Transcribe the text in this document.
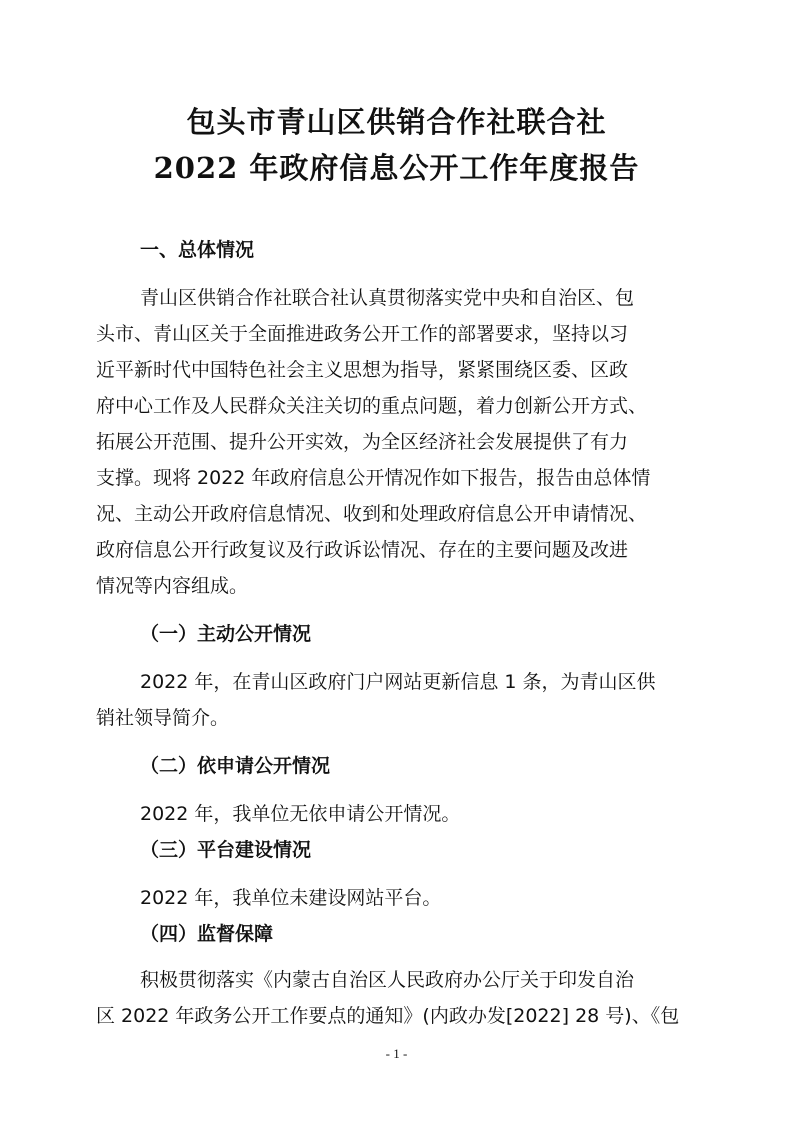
包头市青山区供销合作社联合社
2022 年政府信息公开工作年度报告

一、总体情况

青山区供销合作社联合社认真贯彻落实党中央和自治区、包

头市、青山区关于全面推进政务公开工作的部署要求，坚持以习

近平新时代中国特色社会主义思想为指导，紧紧围绕区委、区政

府中心工作及人民群众关注关切的重点问题，着力创新公开方式、

拓展公开范围、提升公开实效，为全区经济社会发展提供了有力

支撑。现将 2022 年政府信息公开情况作如下报告，报告由总体情

况、主动公开政府信息情况、收到和处理政府信息公开申请情况、

政府信息公开行政复议及行政诉讼情况、存在的主要问题及改进

情况等内容组成。

（一）主动公开情况

2022 年，在青山区政府门户网站更新信息 1 条，为青山区供

销社领导简介。

（二）依申请公开情况

2022 年，我单位无依申请公开情况。

（三）平台建设情况

2022 年，我单位未建设网站平台。

（四）监督保障

积极贯彻落实《内蒙古自治区人民政府办公厅关于印发自治

区 2022 年政务公开工作要点的通知》(内政办发[2022] 28 号)、《包

- 1 -
